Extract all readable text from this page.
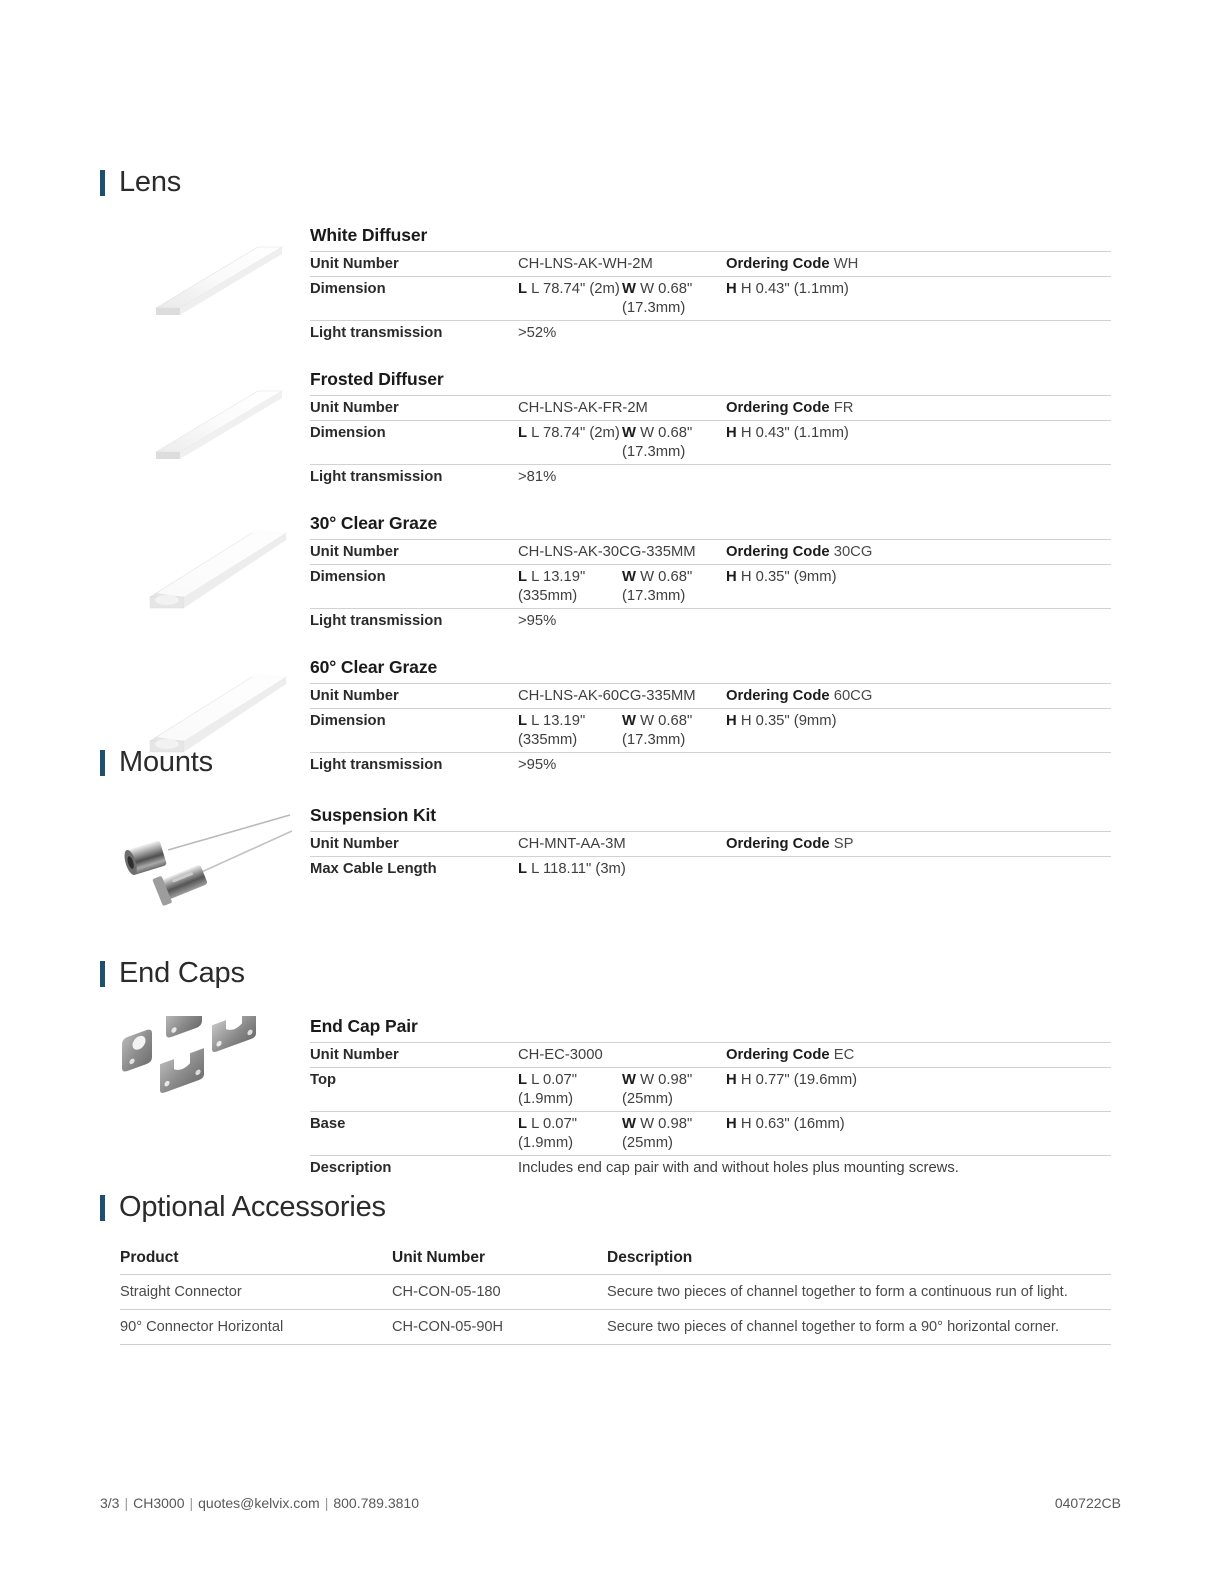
Lens
White Diffuser
Unit Number	CH-LNS-AK-WH-2M		Ordering Code WH
Dimension	L L 78.74" (2m)	W W 0.68" (17.3mm)	H H 0.43" (1.1mm)
Light transmission	>52%		
Frosted Diffuser
Unit Number	CH-LNS-AK-FR-2M		Ordering Code FR
Dimension	L L 78.74" (2m)	W W 0.68" (17.3mm)	H H 0.43" (1.1mm)
Light transmission	>81%		
30° Clear Graze
Unit Number	CH-LNS-AK-30CG-335MM		Ordering Code 30CG
Dimension	L L 13.19" (335mm)	W W 0.68" (17.3mm)	H H 0.35" (9mm)
Light transmission	>95%		
60° Clear Graze
Unit Number	CH-LNS-AK-60CG-335MM		Ordering Code 60CG
Dimension	L L 13.19" (335mm)	W W 0.68" (17.3mm)	H H 0.35" (9mm)
Light transmission	>95%		
Mounts
Suspension Kit
Unit Number	CH-MNT-AA-3M	Ordering Code SP
Max Cable Length	L L 118.11" (3m)	
End Caps
End Cap Pair
Unit Number	CH-EC-3000		Ordering Code EC
Top	L L 0.07" (1.9mm)	W W 0.98" (25mm)	H H 0.77" (19.6mm)
Base	L L 0.07" (1.9mm)	W W 0.98" (25mm)	H H 0.63" (16mm)
Description	Includes end cap pair with and without holes plus mounting screws.		
Optional Accessories
Product	Unit Number	Description
Straight Connector	CH-CON-05-180	Secure two pieces of channel together to form a continuous run of light.
90° Connector Horizontal	CH-CON-05-90H	Secure two pieces of channel together to form a 90° horizontal corner.
3/3 | CH3000 | quotes@kelvix.com | 800.789.3810	040722CB
